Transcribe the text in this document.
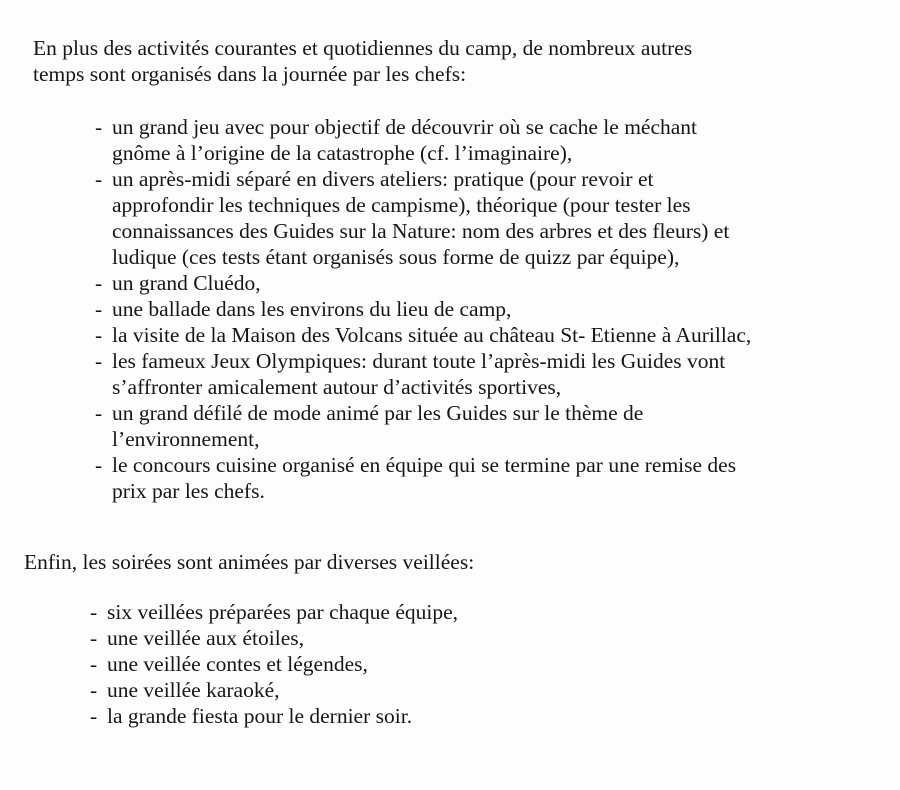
En plus des activités courantes et quotidiennes du camp, de nombreux autres
temps sont organisés dans la journée par les chefs:

- un grand jeu avec pour objectif de découvrir où se cache le méchant
gnôme à l’origine de la catastrophe (cf. l’imaginaire),
- un après-midi séparé en divers ateliers: pratique (pour revoir et
approfondir les techniques de campisme), théorique (pour tester les
connaissances des Guides sur la Nature: nom des arbres et des fleurs) et
ludique (ces tests étant organisés sous forme de quizz par équipe),
- un grand Cluédo,
- une ballade dans les environs du lieu de camp,
- la visite de la Maison des Volcans située au château St- Etienne à Aurillac,
- les fameux Jeux Olympiques: durant toute l’après-midi les Guides vont
s’affronter amicalement autour d’activités sportives,
- un grand défilé de mode animé par les Guides sur le thème de
l’environnement,
- le concours cuisine organisé en équipe qui se termine par une remise des
prix par les chefs.

Enfin, les soirées sont animées par diverses veillées:

- six veillées préparées par chaque équipe,
- une veillée aux étoiles,
- une veillée contes et légendes,
- une veillée karaoké,
- la grande fiesta pour le dernier soir.
